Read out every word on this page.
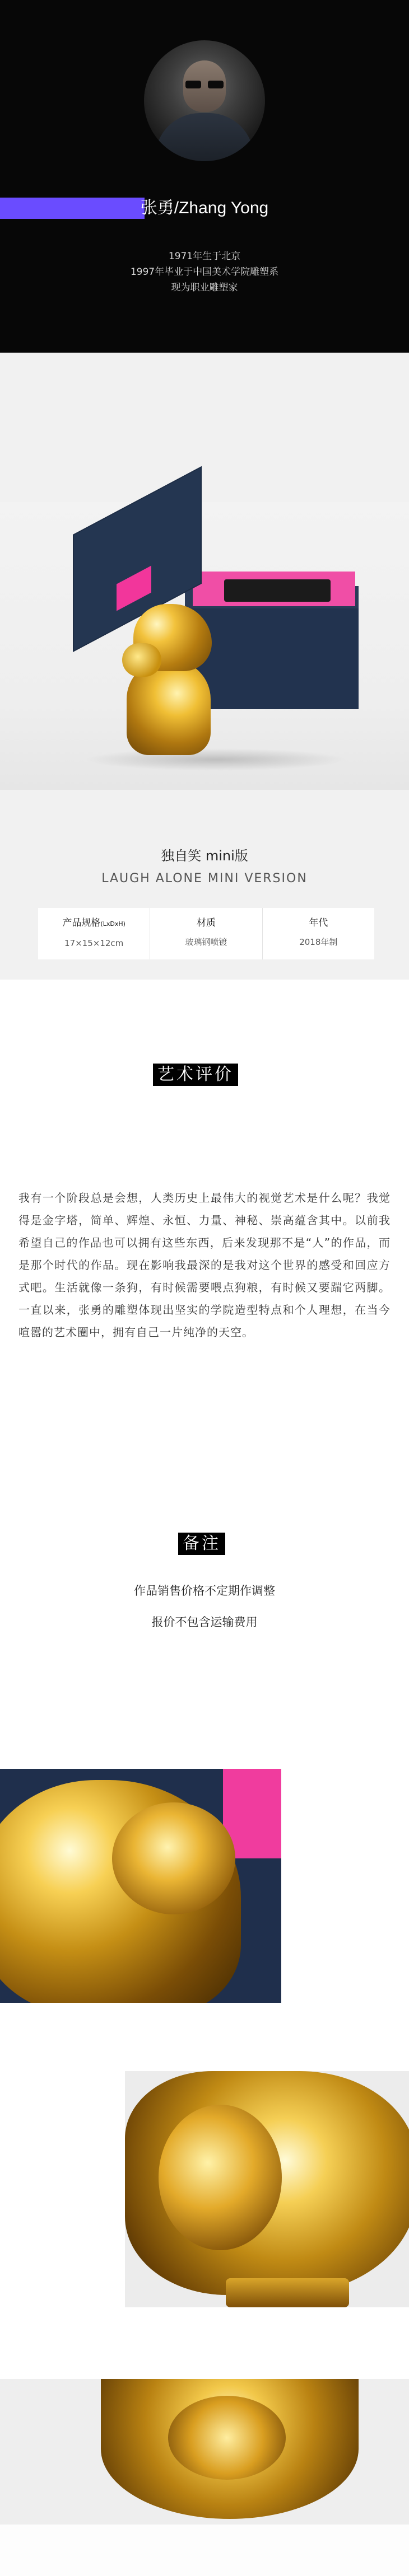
张勇/Zhang Yong
1971年生于北京
1997年毕业于中国美术学院雕塑系
现为职业雕塑家
独自笑 mini版
LAUGH ALONE MINI VERSION
产品规格(LxDxH)
17×15×12cm
材质
玻璃钢喷镀
年代
2018年制
艺术评价

我有一个阶段总是会想，人类历史上最伟大的视觉艺术是什么呢？我觉得是金字塔，简单、辉煌、永恒、力量、神秘、崇高蕴含其中。以前我希望自己的作品也可以拥有这些东西，后来发现那不是“人”的作品，而是那个时代的作品。现在影响我最深的是我对这个世界的感受和回应方式吧。生活就像一条狗，有时候需要喂点狗粮，有时候又要踹它两脚。一直以来，张勇的雕塑体现出坚实的学院造型特点和个人理想，在当今喧嚣的艺术圈中，拥有自己一片纯净的天空。

备注
作品销售价格不定期作调整
报价不包含运输费用
